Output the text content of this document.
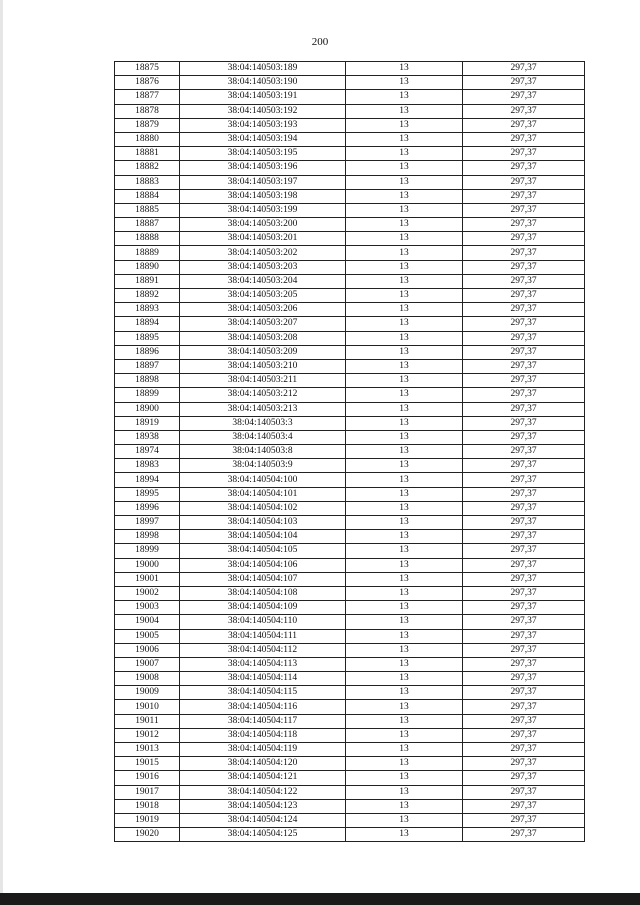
200
18875	38:04:140503:189	13	297,37
18876	38:04:140503:190	13	297,37
18877	38:04:140503:191	13	297,37
18878	38:04:140503:192	13	297,37
18879	38:04:140503:193	13	297,37
18880	38:04:140503:194	13	297,37
18881	38:04:140503:195	13	297,37
18882	38:04:140503:196	13	297,37
18883	38:04:140503:197	13	297,37
18884	38:04:140503:198	13	297,37
18885	38:04:140503:199	13	297,37
18887	38:04:140503:200	13	297,37
18888	38:04:140503:201	13	297,37
18889	38:04:140503:202	13	297,37
18890	38:04:140503:203	13	297,37
18891	38:04:140503:204	13	297,37
18892	38:04:140503:205	13	297,37
18893	38:04:140503:206	13	297,37
18894	38:04:140503:207	13	297,37
18895	38:04:140503:208	13	297,37
18896	38:04:140503:209	13	297,37
18897	38:04:140503:210	13	297,37
18898	38:04:140503:211	13	297,37
18899	38:04:140503:212	13	297,37
18900	38:04:140503:213	13	297,37
18919	38:04:140503:3	13	297,37
18938	38:04:140503:4	13	297,37
18974	38:04:140503:8	13	297,37
18983	38:04:140503:9	13	297,37
18994	38:04:140504:100	13	297,37
18995	38:04:140504:101	13	297,37
18996	38:04:140504:102	13	297,37
18997	38:04:140504:103	13	297,37
18998	38:04:140504:104	13	297,37
18999	38:04:140504:105	13	297,37
19000	38:04:140504:106	13	297,37
19001	38:04:140504:107	13	297,37
19002	38:04:140504:108	13	297,37
19003	38:04:140504:109	13	297,37
19004	38:04:140504:110	13	297,37
19005	38:04:140504:111	13	297,37
19006	38:04:140504:112	13	297,37
19007	38:04:140504:113	13	297,37
19008	38:04:140504:114	13	297,37
19009	38:04:140504:115	13	297,37
19010	38:04:140504:116	13	297,37
19011	38:04:140504:117	13	297,37
19012	38:04:140504:118	13	297,37
19013	38:04:140504:119	13	297,37
19015	38:04:140504:120	13	297,37
19016	38:04:140504:121	13	297,37
19017	38:04:140504:122	13	297,37
19018	38:04:140504:123	13	297,37
19019	38:04:140504:124	13	297,37
19020	38:04:140504:125	13	297,37
